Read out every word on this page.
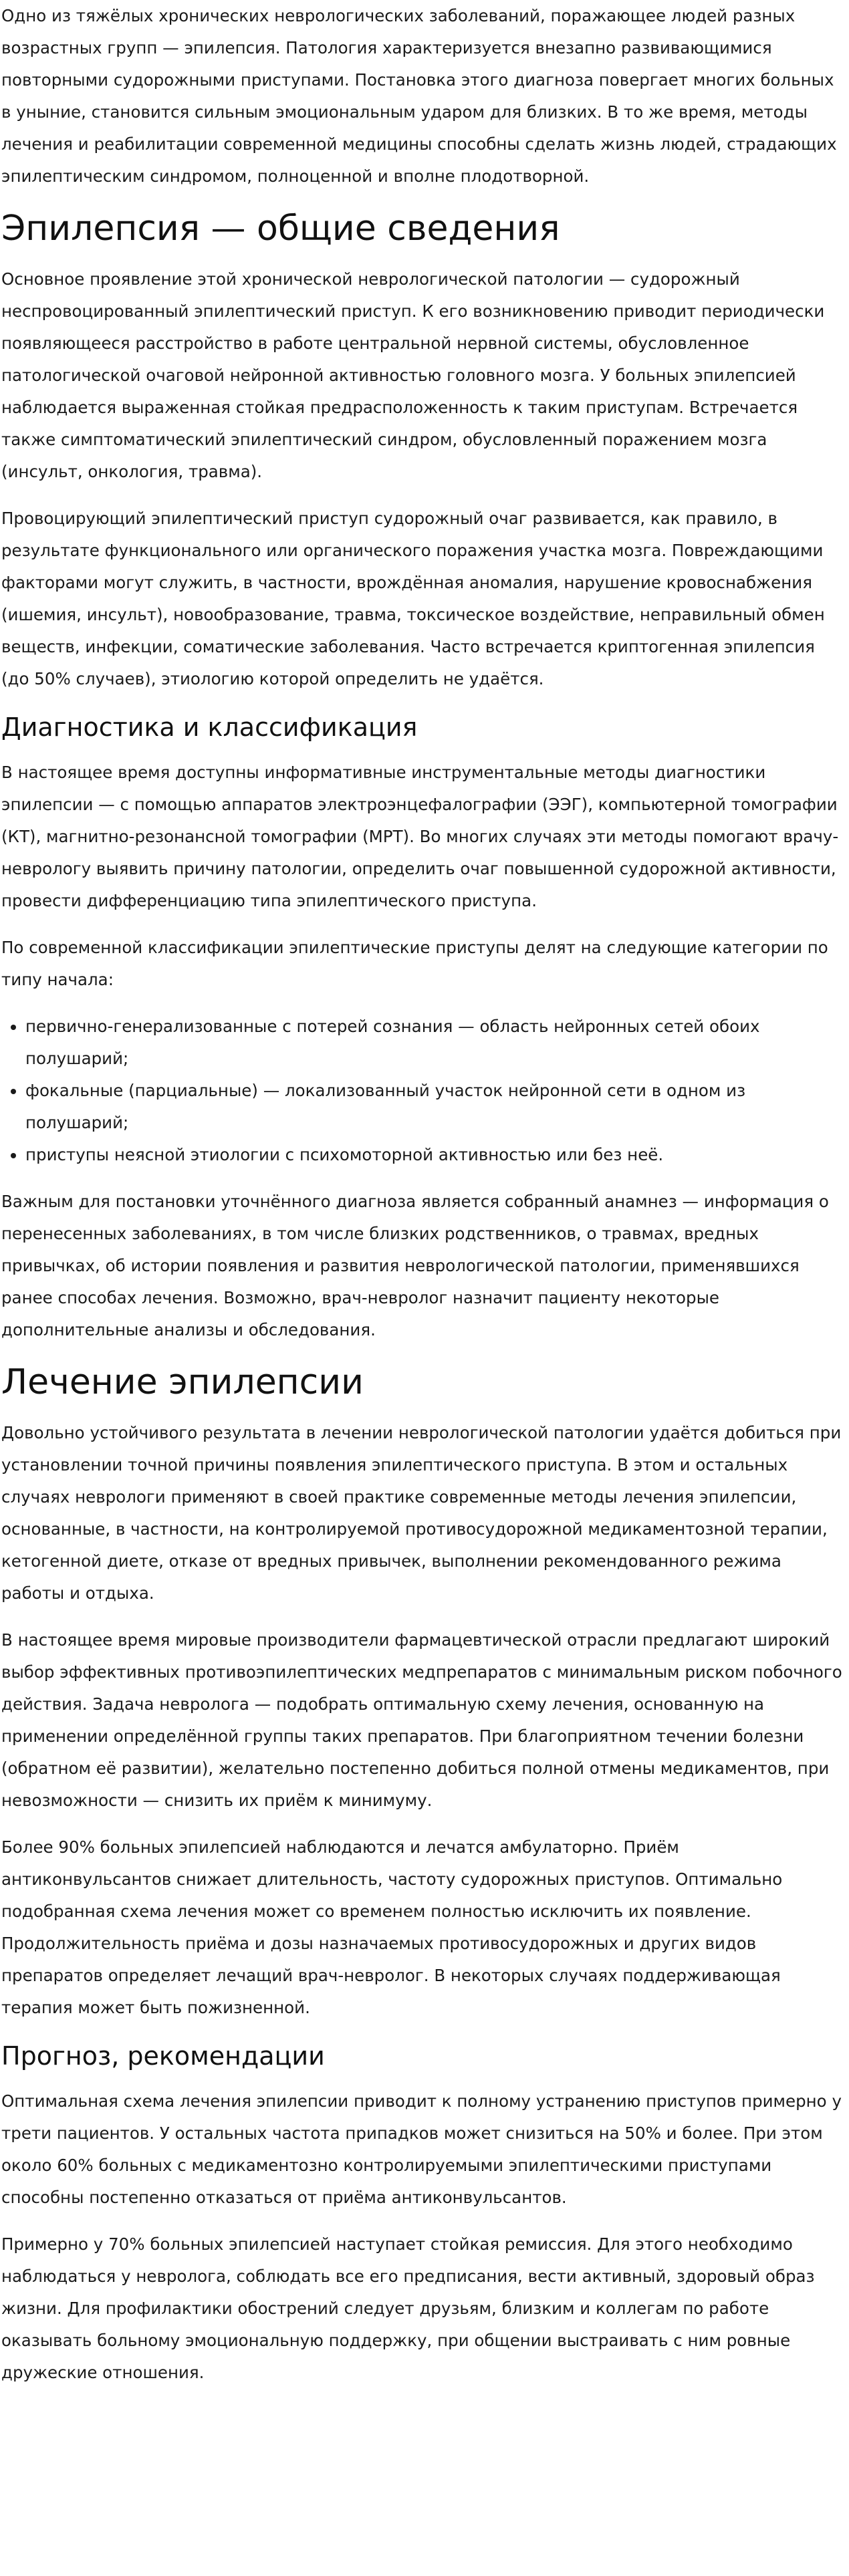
Одно из тяжёлых хронических неврологических заболеваний, поражающее людей разных возрастных групп — эпилепсия. Патология характеризуется внезапно развивающимися повторными судорожными приступами. Постановка этого диагноза повергает многих больных в уныние, становится сильным эмоциональным ударом для близких. В то же время, методы лечения и реабилитации современной медицины способны сделать жизнь людей, страдающих эпилептическим синдромом, полноценной и вполне плодотворной.

Эпилепсия — общие сведения

Основное проявление этой хронической неврологической патологии — судорожный неспровоцированный эпилептический приступ. К его возникновению приводит периодически появляющееся расстройство в работе центральной нервной системы, обусловленное патологической очаговой нейронной активностью головного мозга. У больных эпилепсией наблюдается выраженная стойкая предрасположенность к таким приступам. Встречается также симптоматический эпилептический синдром, обусловленный поражением мозга (инсульт, онкология, травма).

Провоцирующий эпилептический приступ судорожный очаг развивается, как правило, в результате функционального или органического поражения участка мозга. Повреждающими факторами могут служить, в частности, врождённая аномалия, нарушение кровоснабжения (ишемия, инсульт), новообразование, травма, токсическое воздействие, неправильный обмен веществ, инфекции, соматические заболевания. Часто встречается криптогенная эпилепсия (до 50% случаев), этиологию которой определить не удаётся.

Диагностика и классификация

В настоящее время доступны информативные инструментальные методы диагностики эпилепсии — с помощью аппаратов электроэнцефалографии (ЭЭГ), компьютерной томографии (КТ), магнитно-резонансной томографии (МРТ). Во многих случаях эти методы помогают врачу-неврологу выявить причину патологии, определить очаг повышенной судорожной активности, провести дифференциацию типа эпилептического приступа.

По современной классификации эпилептические приступы делят на следующие категории по типу начала:

• первично-генерализованные с потерей сознания — область нейронных сетей обоих полушарий;
• фокальные (парциальные) — локализованный участок нейронной сети в одном из полушарий;
• приступы неясной этиологии с психомоторной активностью или без неё.

Важным для постановки уточнённого диагноза является собранный анамнез — информация о перенесенных заболеваниях, в том числе близких родственников, о травмах, вредных привычках, об истории появления и развития неврологической патологии, применявшихся ранее способах лечения. Возможно, врач-невролог назначит пациенту некоторые дополнительные анализы и обследования.

Лечение эпилепсии

Довольно устойчивого результата в лечении неврологической патологии удаётся добиться при установлении точной причины появления эпилептического приступа. В этом и остальных случаях неврологи применяют в своей практике современные методы лечения эпилепсии, основанные, в частности, на контролируемой противосудорожной медикаментозной терапии, кетогенной диете, отказе от вредных привычек, выполнении рекомендованного режима работы и отдыха.

В настоящее время мировые производители фармацевтической отрасли предлагают широкий выбор эффективных противоэпилептических медпрепаратов с минимальным риском побочного действия. Задача невролога — подобрать оптимальную схему лечения, основанную на применении определённой группы таких препаратов. При благоприятном течении болезни (обратном её развитии), желательно постепенно добиться полной отмены медикаментов, при невозможности — снизить их приём к минимуму.

Более 90% больных эпилепсией наблюдаются и лечатся амбулаторно. Приём антиконвульсантов снижает длительность, частоту судорожных приступов. Оптимально подобранная схема лечения может со временем полностью исключить их появление. Продолжительность приёма и дозы назначаемых противосудорожных и других видов препаратов определяет лечащий врач-невролог. В некоторых случаях поддерживающая терапия может быть пожизненной.

Прогноз, рекомендации

Оптимальная схема лечения эпилепсии приводит к полному устранению приступов примерно у трети пациентов. У остальных частота припадков может снизиться на 50% и более. При этом около 60% больных с медикаментозно контролируемыми эпилептическими приступами способны постепенно отказаться от приёма антиконвульсантов.

Примерно у 70% больных эпилепсией наступает стойкая ремиссия. Для этого необходимо наблюдаться у невролога, соблюдать все его предписания, вести активный, здоровый образ жизни. Для профилактики обострений следует друзьям, близким и коллегам по работе оказывать больному эмоциональную поддержку, при общении выстраивать с ним ровные дружеские отношения.
